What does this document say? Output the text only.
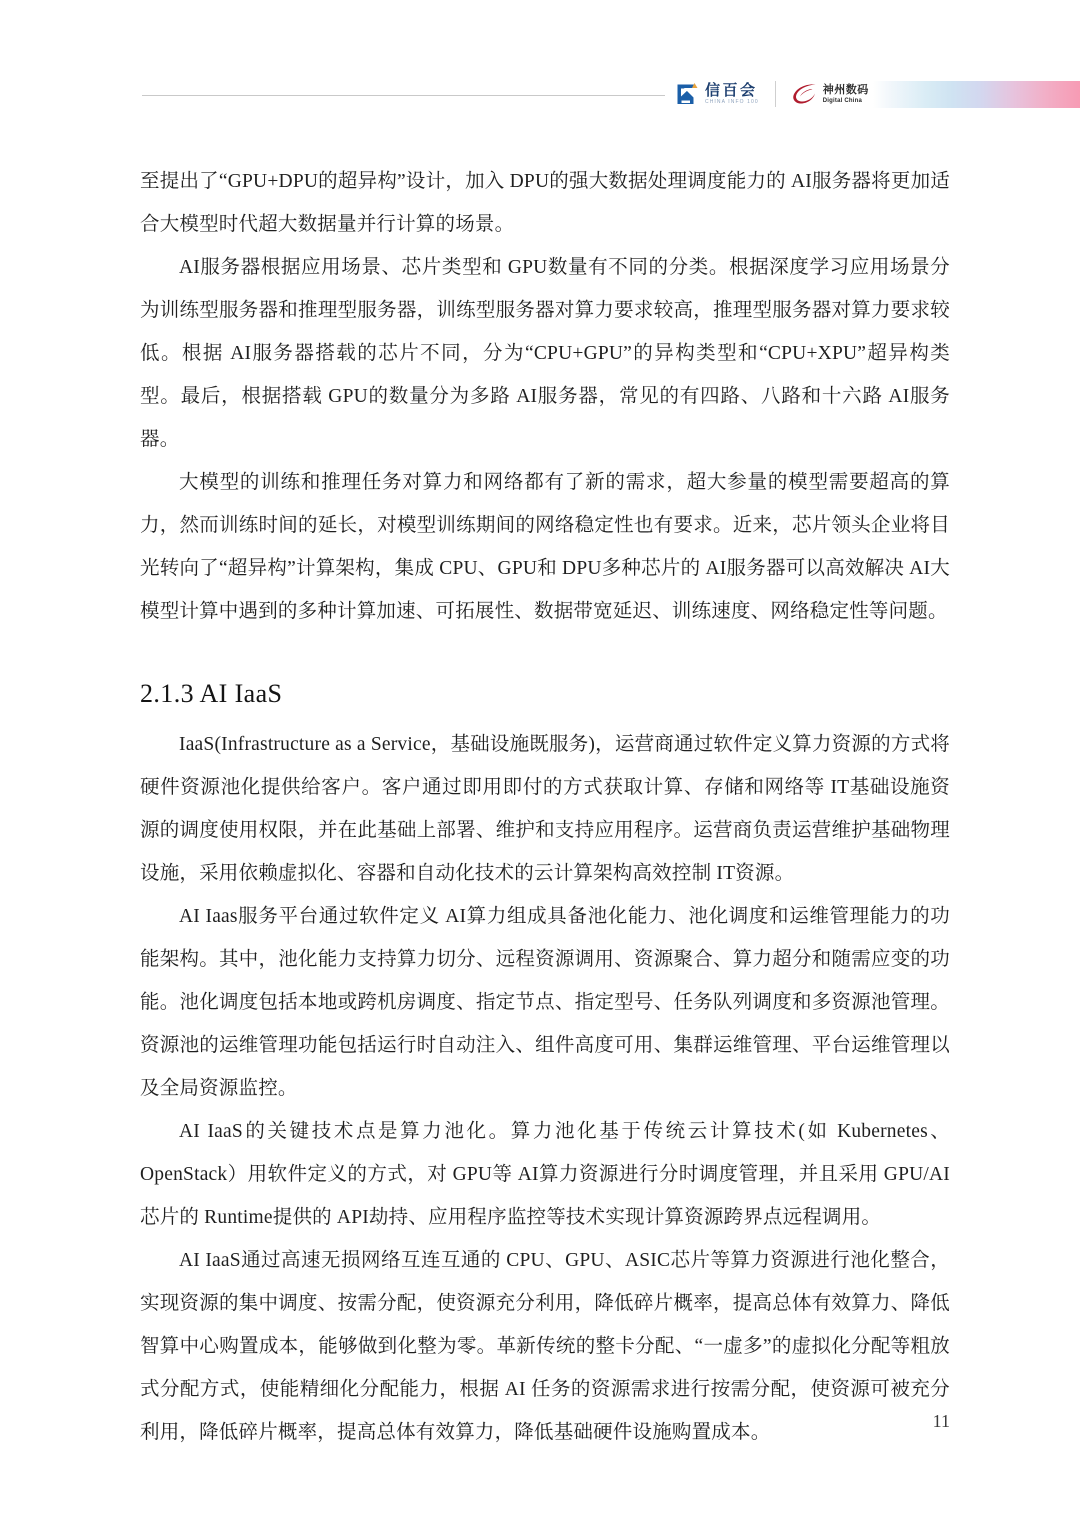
信百会
CHINA INFO 100
神州数码
Digital China

至提出了“GPU+DPU的超异构”设计，加入 DPU的强大数据处理调度能力的 AI服务器将更加适合大模型时代超大数据量并行计算的场景。

AI服务器根据应用场景、芯片类型和 GPU数量有不同的分类。根据深度学习应用场景分为训练型服务器和推理型服务器，训练型服务器对算力要求较高，推理型服务器对算力要求较低。根据 AI服务器搭载的芯片不同，分为“CPU+GPU”的异构类型和“CPU+XPU”超异构类型。最后，根据搭载 GPU的数量分为多路 AI服务器，常见的有四路、八路和十六路 AI服务器。

大模型的训练和推理任务对算力和网络都有了新的需求，超大参量的模型需要超高的算力，然而训练时间的延长，对模型训练期间的网络稳定性也有要求。近来，芯片领头企业将目光转向了“超异构”计算架构，集成 CPU、GPU和 DPU多种芯片的 AI服务器可以高效解决 AI大模型计算中遇到的多种计算加速、可拓展性、数据带宽延迟、训练速度、网络稳定性等问题。

2.1.3 AI IaaS

IaaS(Infrastructure as a Service，基础设施既服务)，运营商通过软件定义算力资源的方式将硬件资源池化提供给客户。客户通过即用即付的方式获取计算、存储和网络等 IT基础设施资源的调度使用权限，并在此基础上部署、维护和支持应用程序。运营商负责运营维护基础物理设施，采用依赖虚拟化、容器和自动化技术的云计算架构高效控制 IT资源。

AI Iaas服务平台通过软件定义 AI算力组成具备池化能力、池化调度和运维管理能力的功能架构。其中，池化能力支持算力切分、远程资源调用、资源聚合、算力超分和随需应变的功能。池化调度包括本地或跨机房调度、指定节点、指定型号、任务队列调度和多资源池管理。资源池的运维管理功能包括运行时自动注入、组件高度可用、集群运维管理、平台运维管理以及全局资源监控。

AI IaaS的关键技术点是算力池化。算力池化基于传统云计算技术(如 Kubernetes、OpenStack）用软件定义的方式，对 GPU等 AI算力资源进行分时调度管理，并且采用 GPU/AI芯片的 Runtime提供的 API劫持、应用程序监控等技术实现计算资源跨界点远程调用。

AI IaaS通过高速无损网络互连互通的 CPU、GPU、ASIC芯片等算力资源进行池化整合，实现资源的集中调度、按需分配，使资源充分利用，降低碎片概率，提高总体有效算力、降低智算中心购置成本，能够做到化整为零。革新传统的整卡分配、“一虚多”的虚拟化分配等粗放式分配方式，使能精细化分配能力，根据 AI 任务的资源需求进行按需分配，使资源可被充分利用，降低碎片概率，提高总体有效算力，降低基础硬件设施购置成本。

11
